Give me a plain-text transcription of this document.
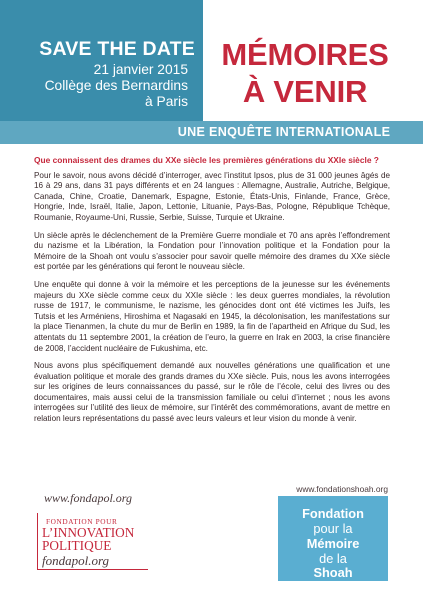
SAVE THE DATE
21 janvier 2015
Collège des Bernardins
à Paris
MÉMOIRES
À VENIR
UNE ENQUÊTE INTERNATIONALE

Que connaissent des drames du XXe siècle les premières générations du XXIe siècle ?

Pour le savoir, nous avons décidé d’interroger, avec l’institut Ipsos, plus de 31 000 jeunes âgés de 16 à 29 ans, dans 31 pays différents et en 24 langues : Allemagne, Australie, Autriche, Belgique, Canada, Chine, Croatie, Danemark, Espagne, Estonie, États-Unis, Finlande, France, Grèce, Hongrie, Inde, Israël, Italie, Japon, Lettonie, Lituanie, Pays-Bas, Pologne, République Tchèque, Roumanie, Royaume-Uni, Russie, Serbie, Suisse, Turquie et Ukraine.

Un siècle après le déclenchement de la Première Guerre mondiale et 70 ans après l’effondrement du nazisme et la Libération, la Fondation pour l’innovation politique et la Fondation pour la Mémoire de la Shoah ont voulu s’associer pour savoir quelle mémoire des drames du XXe siècle est portée par les générations qui feront le nouveau siècle.

Une enquête qui donne à voir la mémoire et les perceptions de la jeunesse sur les événements majeurs du XXe siècle comme ceux du XXIe siècle : les deux guerres mondiales, la révolution russe de 1917, le communisme, le nazisme, les génocides dont ont été victimes les Juifs, les Tutsis et les Arméniens, Hiroshima et Nagasaki en 1945, la décolonisation, les manifestations sur la place Tienanmen, la chute du mur de Berlin en 1989, la fin de l’apartheid en Afrique du Sud, les attentats du 11 septembre 2001, la création de l’euro, la guerre en Irak en 2003, la crise financière de 2008, l’accident nucléaire de Fukushima, etc.

Nous avons plus spécifiquement demandé aux nouvelles générations une qualification et une évaluation politique et morale des grands drames du XXe siècle. Puis, nous les avons interrogées sur les origines de leurs connaissances du passé, sur le rôle de l’école, celui des livres ou des documentaires, mais aussi celui de la transmission familiale ou celui d’internet ; nous les avons interrogées sur l’utilité des lieux de mémoire, sur l’intérêt des commémorations, avant de mettre en relation leurs représentations du passé avec leurs valeurs et leur vision du monde à venir.

www.fondapol.org
www.fondationshoah.org
FONDATION POUR
L’INNOVATION
POLITIQUE
fondapol.org
Fondation
pour la
Mémoire
de la
Shoah
